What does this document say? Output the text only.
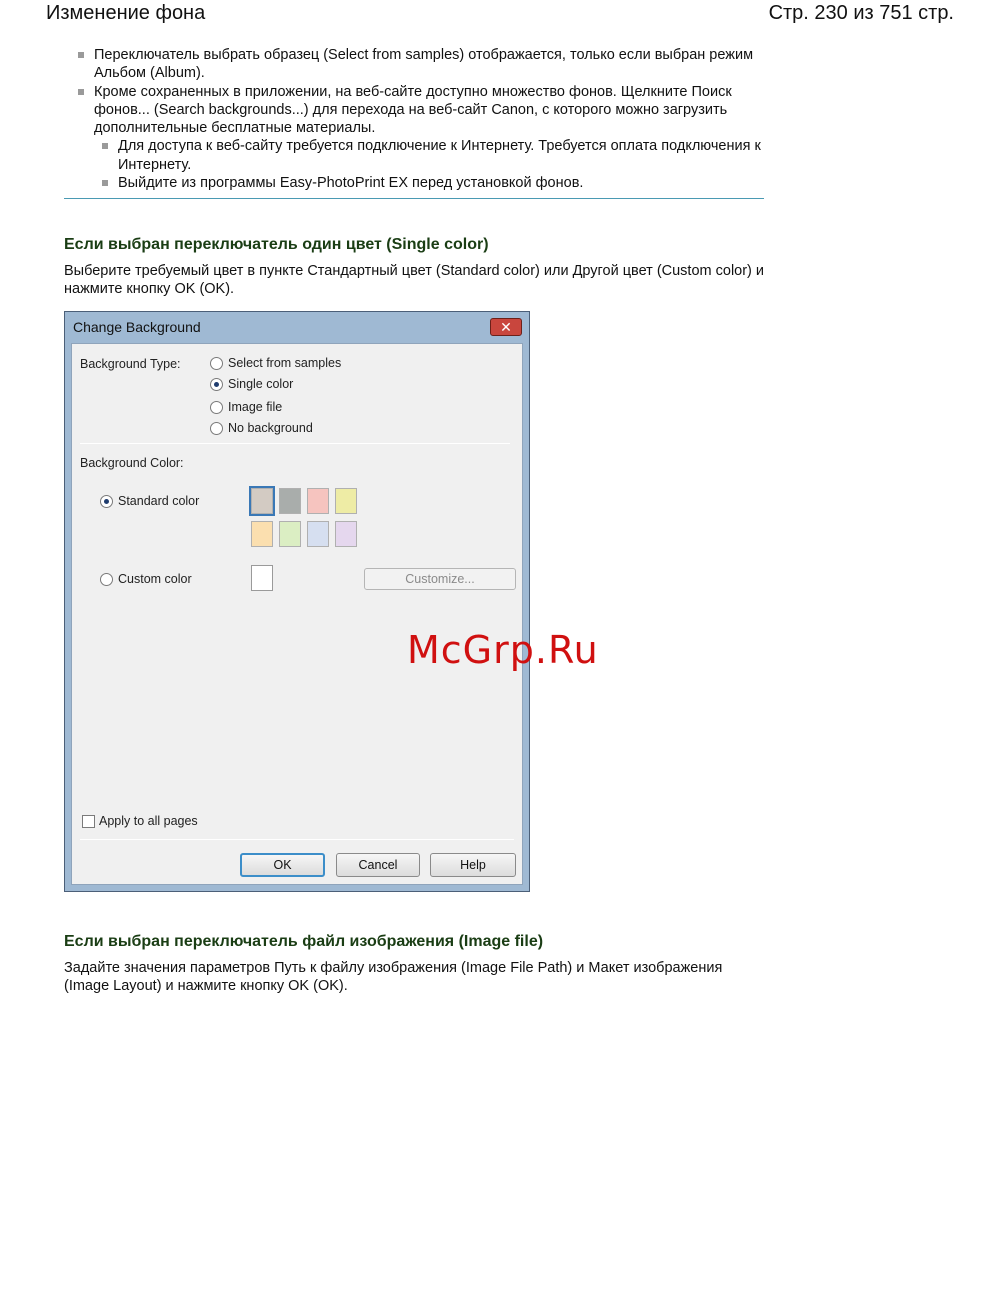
Изменение фона	Стр. 230 из 751 стр.
Переключатель выбрать образец (Select from samples) отображается, только если выбран режим Альбом (Album).
Кроме сохраненных в приложении, на веб-сайте доступно множество фонов. Щелкните Поиск фонов... (Search backgrounds...) для перехода на веб-сайт Canon, с которого можно загрузить дополнительные бесплатные материалы.
Для доступа к веб-сайту требуется подключение к Интернету. Требуется оплата подключения к Интернету.
Выйдите из программы Easy-PhotoPrint EX перед установкой фонов.
Если выбран переключатель один цвет (Single color)
Выберите требуемый цвет в пункте Стандартный цвет (Standard color) или Другой цвет (Custom color) и нажмите кнопку OK (OK).
Change Background	✕
Background Type:	Select from samples
Single color
Image file
No background
Background Color:
Standard color
Custom color	Customize...
Apply to all pages
OK	Cancel	Help
McGrp.Ru
Если выбран переключатель файл изображения (Image file)
Задайте значения параметров Путь к файлу изображения (Image File Path) и Макет изображения (Image Layout) и нажмите кнопку OK (OK).
